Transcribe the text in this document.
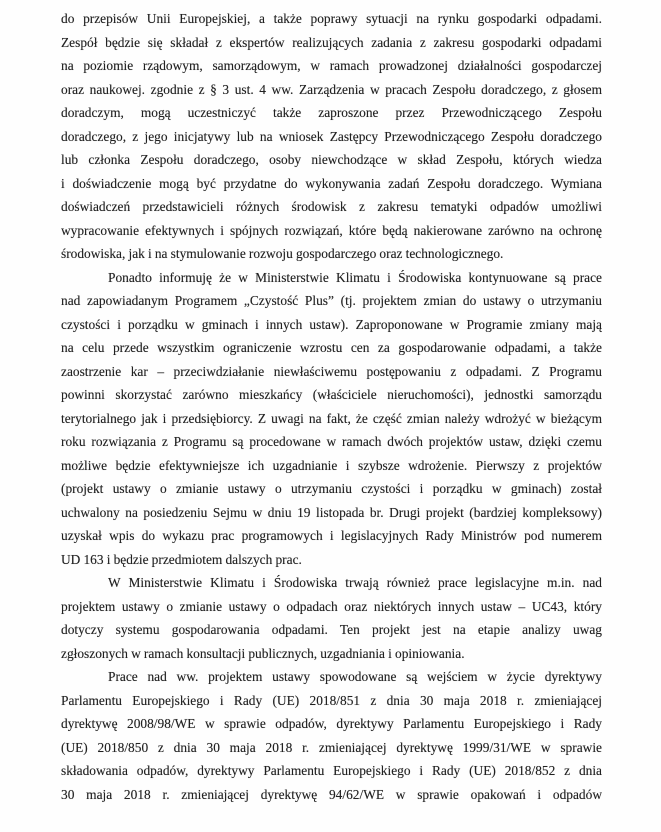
do przepisów Unii Europejskiej, a także poprawy sytuacji na rynku gospodarki odpadami.
Zespół będzie się składał z ekspertów realizujących zadania z zakresu gospodarki odpadami
na poziomie rządowym, samorządowym, w ramach prowadzonej działalności gospodarczej
oraz naukowej. zgodnie z § 3 ust. 4 ww. Zarządzenia w pracach Zespołu doradczego, z głosem
doradczym, mogą uczestniczyć także zaproszone przez Przewodniczącego Zespołu
doradczego, z jego inicjatywy lub na wniosek Zastępcy Przewodniczącego Zespołu doradczego
lub członka Zespołu doradczego, osoby niewchodzące w skład Zespołu, których wiedza
i doświadczenie mogą być przydatne do wykonywania zadań Zespołu doradczego. Wymiana
doświadczeń przedstawicieli różnych środowisk z zakresu tematyki odpadów umożliwi
wypracowanie efektywnych i spójnych rozwiązań, które będą nakierowane zarówno na ochronę
środowiska, jak i na stymulowanie rozwoju gospodarczego oraz technologicznego.
Ponadto informuję że w Ministerstwie Klimatu i Środowiska kontynuowane są prace
nad zapowiadanym Programem „Czystość Plus” (tj. projektem zmian do ustawy o utrzymaniu
czystości i porządku w gminach i innych ustaw). Zaproponowane w Programie zmiany mają
na celu przede wszystkim ograniczenie wzrostu cen za gospodarowanie odpadami, a także
zaostrzenie kar – przeciwdziałanie niewłaściwemu postępowaniu z odpadami. Z Programu
powinni skorzystać zarówno mieszkańcy (właściciele nieruchomości), jednostki samorządu
terytorialnego jak i przedsiębiorcy. Z uwagi na fakt, że część zmian należy wdrożyć w bieżącym
roku rozwiązania z Programu są procedowane w ramach dwóch projektów ustaw, dzięki czemu
możliwe będzie efektywniejsze ich uzgadnianie i szybsze wdrożenie. Pierwszy z projektów
(projekt ustawy o zmianie ustawy o utrzymaniu czystości i porządku w gminach) został
uchwalony na posiedzeniu Sejmu w dniu 19 listopada br. Drugi projekt (bardziej kompleksowy)
uzyskał wpis do wykazu prac programowych i legislacyjnych Rady Ministrów pod numerem
UD 163 i będzie przedmiotem dalszych prac.
W Ministerstwie Klimatu i Środowiska trwają również prace legislacyjne m.in. nad
projektem ustawy o zmianie ustawy o odpadach oraz niektórych innych ustaw – UC43, który
dotyczy systemu gospodarowania odpadami. Ten projekt jest na etapie analizy uwag
zgłoszonych w ramach konsultacji publicznych, uzgadniania i opiniowania.
Prace nad ww. projektem ustawy spowodowane są wejściem w życie dyrektywy
Parlamentu Europejskiego i Rady (UE) 2018/851 z dnia 30 maja 2018 r. zmieniającej
dyrektywę 2008/98/WE w sprawie odpadów, dyrektywy Parlamentu Europejskiego i Rady
(UE) 2018/850 z dnia 30 maja 2018 r. zmieniającej dyrektywę 1999/31/WE w sprawie
składowania odpadów, dyrektywy Parlamentu Europejskiego i Rady (UE) 2018/852 z dnia
30 maja 2018 r. zmieniającej dyrektywę 94/62/WE w sprawie opakowań i odpadów
